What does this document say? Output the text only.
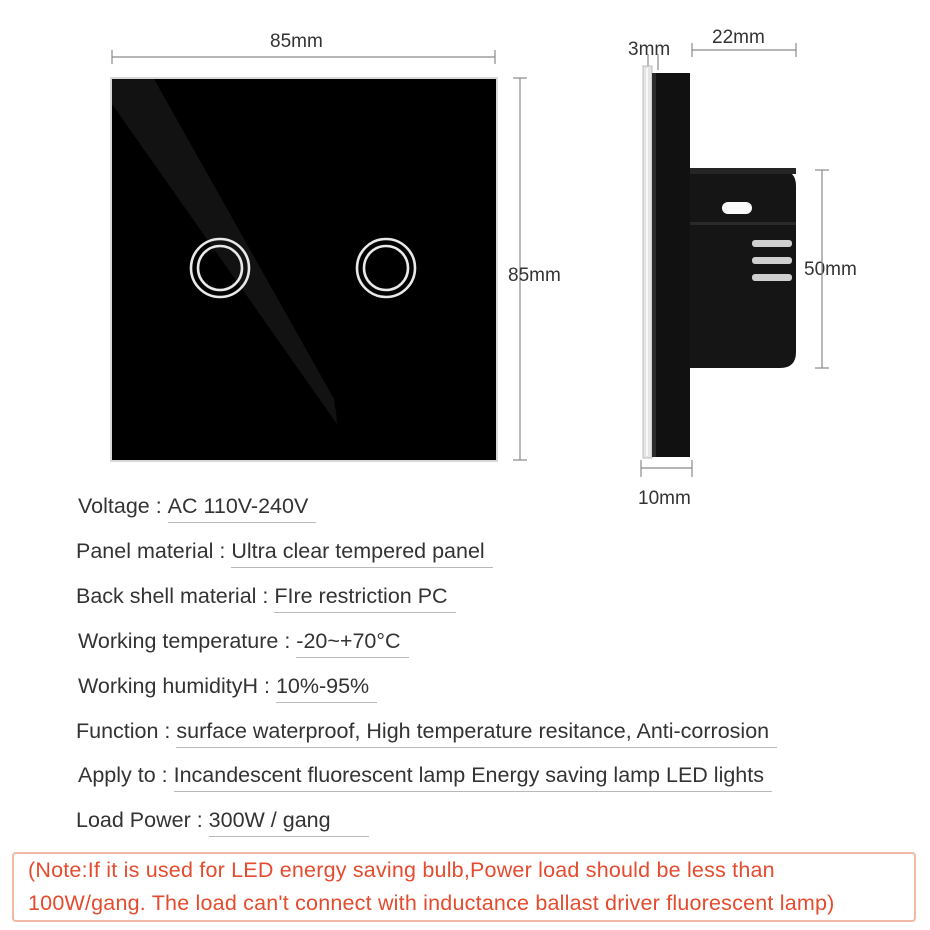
85mm
85mm
3mm
22mm
50mm
10mm
Voltage : AC 110V-240V
Panel material : Ultra clear tempered panel
Back shell material : FIre restriction PC
Working temperature : -20~+70°C
Working humidityH : 10%-95%
Function : surface waterproof, High temperature resitance, Anti-corrosion
Apply to : Incandescent fluorescent lamp Energy saving lamp LED lights
Load Power : 300W / gang
(Note:If it is used for LED energy saving bulb,Power load should be less than
100W/gang. The load can't connect with inductance ballast driver fluorescent lamp)
